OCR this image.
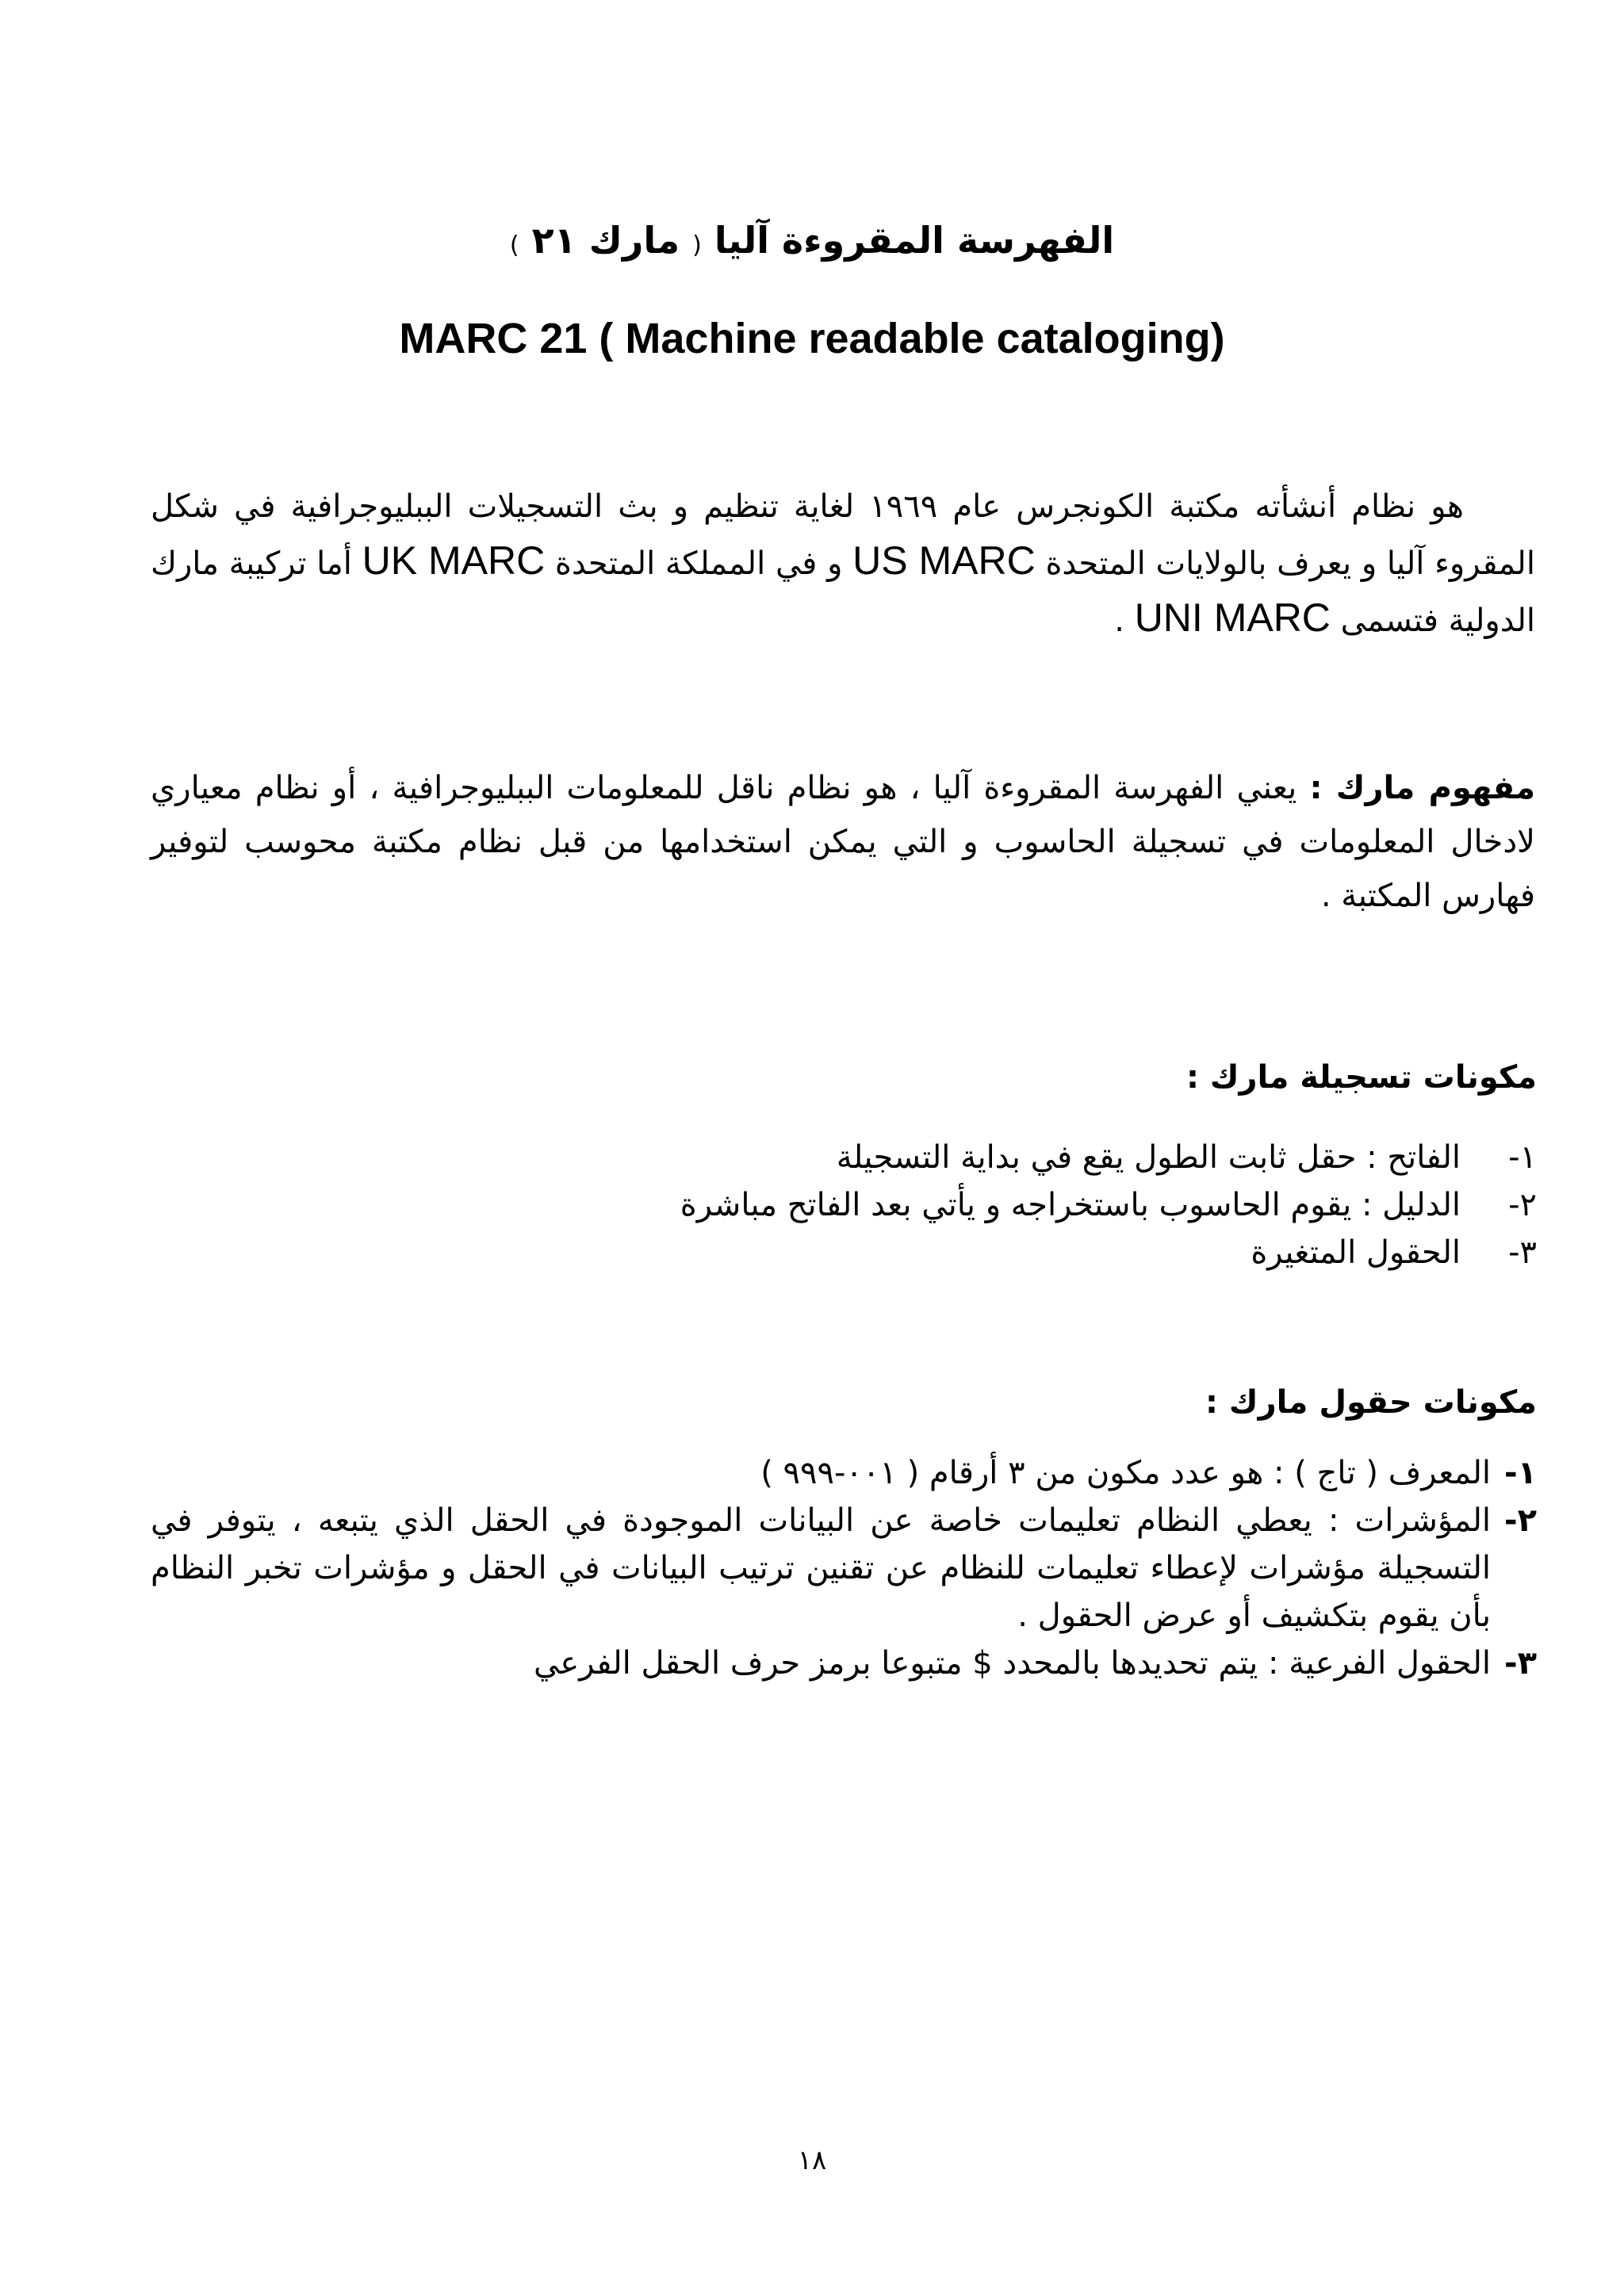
الفهرسة المقروءة آليا ( مارك ٢١ )
MARC 21 ( Machine readable cataloging)
هو نظام أنشأته مكتبة الكونجرس عام ١٩٦٩ لغاية تنظيم و بث التسجيلات الببليوجرافية في شكل المقروء آليا و يعرف بالولايات المتحدة US MARC و في المملكة المتحدة UK MARC أما تركيبة مارك الدولية فتسمى UNI MARC .
مفهوم مارك : يعني الفهرسة المقروءة آليا ، هو نظام ناقل للمعلومات الببليوجرافية ، أو نظام معياري لادخال المعلومات في تسجيلة الحاسوب و التي يمكن استخدامها من قبل نظام مكتبة محوسب لتوفير فهارس المكتبة .
مكونات تسجيلة مارك :
١-الفاتح : حقل ثابت الطول يقع في بداية التسجيلة
٢-الدليل : يقوم الحاسوب باستخراجه و يأتي بعد الفاتح مباشرة
٣-الحقول المتغيرة
مكونات حقول مارك :
١-
المعرف ( تاج ) : هو عدد مكون من ٣ أرقام ( ٠٠١-٩٩٩ )
٢-
المؤشرات : يعطي النظام تعليمات خاصة عن البيانات الموجودة في الحقل الذي يتبعه ، يتوفر في التسجيلة مؤشرات لإعطاء تعليمات للنظام عن تقنين ترتيب البيانات في الحقل و مؤشرات تخبر النظام بأن يقوم بتكشيف أو عرض الحقول .
٣-
الحقول الفرعية : يتم تحديدها بالمحدد $ متبوعا برمز حرف الحقل الفرعي
١٨
